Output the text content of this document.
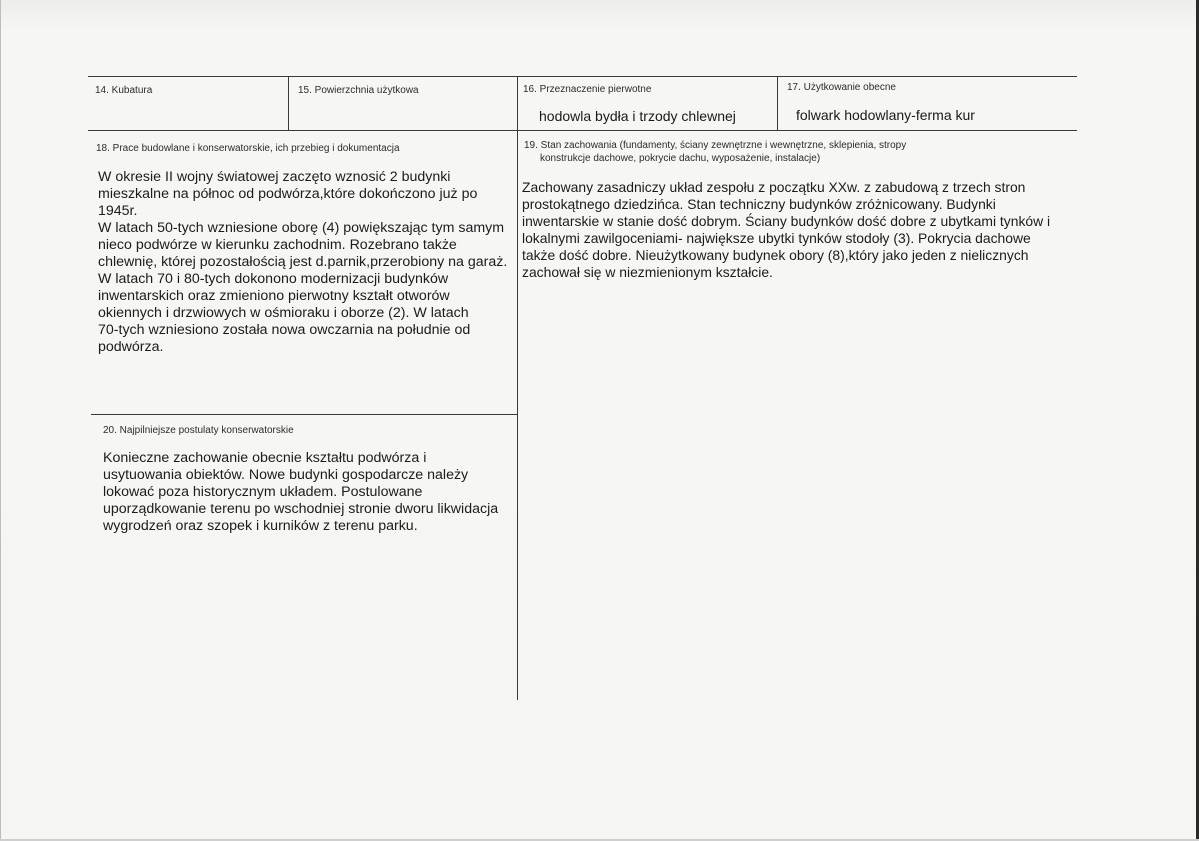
14. Kubatura	15. Powierzchnia użytkowa	16. Przeznaczenie pierwotne
hodowla bydła i trzody chlewnej
17. Użytkowanie obecne
folwark hodowlany-ferma kur
18. Prace budowlane i konserwatorskie, ich przebieg i dokumentacja
W okresie II wojny światowej zaczęto wznosić 2 budynki
mieszkalne na północ od podwórza,które dokończono już po
1945r.
W latach 50-tych wzniesione oborę (4) powiększając tym samym
nieco podwórze w kierunku zachodnim. Rozebrano także
chlewnię, której pozostałością jest d.parnik,przerobiony na garaż.
W latach 70 i 80-tych dokonono modernizacji budynków
inwentarskich oraz zmieniono pierwotny kształt otworów
okiennych i drzwiowych w ośmioraku i oborze (2). W latach
70-tych wzniesiono została nowa owczarnia na południe od
podwórza.
19. Stan zachowania (fundamenty, ściany zewnętrzne i wewnętrzne, sklepienia, stropy
konstrukcje dachowe, pokrycie dachu, wyposażenie, instalacje)
Zachowany zasadniczy układ zespołu z początku XXw. z zabudową z trzech stron
prostokątnego dziedzińca. Stan techniczny budynków zróżnicowany. Budynki
inwentarskie w stanie dość dobrym. Ściany budynków dość dobre z ubytkami tynków i
lokalnymi zawilgoceniami- największe ubytki tynków stodoły (3). Pokrycia dachowe
także dość dobre. Nieużytkowany budynek obory (8),który jako jeden z nielicznych
zachował się w niezmienionym kształcie.
20. Najpilniejsze postulaty konserwatorskie
Konieczne zachowanie obecnie kształtu podwórza i
usytuowania obiektów. Nowe budynki gospodarcze należy
lokować poza historycznym układem. Postulowane
uporządkowanie terenu po wschodniej stronie dworu likwidacja
wygrodzeń oraz szopek i kurników z terenu parku.
